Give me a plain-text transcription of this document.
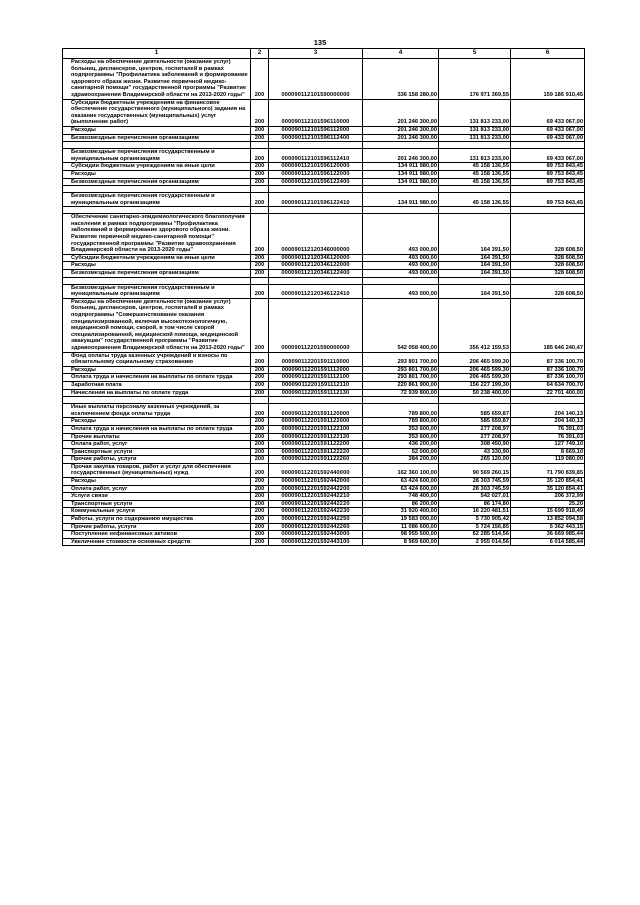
135
1	2	3	4	5	6
Расходы на обеспечение деятельности (оказание услуг) больниц, диспансеров, центров, госпиталей в рамках подпрограммы "Профилактика заболеваний и формирование здорового образа жизни. Развитие первичной медико-санитарной помощи" государственной программы "Развитие здравоохранения Владимирской области на 2013-2020 годы"	200	000090112101590000000	336 158 280,00	176 971 369,55	159 186 910,45
Субсидии бюджетным учреждениям на финансовое обеспечение государственного (муниципального) задания на оказание государственных (муниципальных) услуг (выполнение работ)	200	000090112101596110000	201 246 300,00	131 813 233,00	69 433 067,00
Расходы	200	000090112101596112000	201 246 300,00	131 813 233,00	69 433 067,00
Безвозмездные перечисления организациям	200	000090112101596112400	201 246 300,00	131 813 233,00	69 433 067,00

Безвозмездные перечисления государственным и муниципальным организациям	200	000090112101596112410	201 246 300,00	131 813 233,00	69 433 067,00
Субсидии бюджетным учреждениям на иные цели	200	000090112101596120000	134 911 980,00	45 158 136,55	89 753 843,45
Расходы	200	000090112101596122000	134 911 980,00	45 158 136,55	89 753 843,45
Безвозмездные перечисления организациям	200	000090112101596122400	134 911 980,00	45 158 136,55	89 753 843,45

Безвозмездные перечисления государственным и муниципальным организациям	200	000090112101596122410	134 911 980,00	45 158 136,55	89 753 843,45

Обеспечение санитарно-эпидемиологического благополучия населения в рамках подпрограммы "Профилактика заболеваний и формирование здорового образа жизни. Развитие первичной медико-санитарной помощи" государственной программы "Развитие здравоохранения Владимирской области на 2013-2020 годы"	200	000090112120346000000	493 000,00	164 391,50	328 608,50
Субсидии бюджетным учреждениям на иные цели	200	000090112120346120000	493 000,00	164 391,50	328 608,50
Расходы	200	000090112120346122000	493 000,00	164 391,50	328 608,50
Безвозмездные перечисления организациям	200	000090112120346122400	493 000,00	164 391,50	328 608,50

Безвозмездные перечисления государственным и муниципальным организациям	200	000090112120346122410	493 000,00	164 391,50	328 608,50
Расходы на обеспечение деятельности (оказание услуг) больниц, диспансеров, центров, госпиталей в рамках подпрограммы "Совершенствование оказания специализированной, включая высокотехнологичную, медицинской помощи, скорой, в том числе скорой специализированной, медицинской помощи, медицинской эвакуации" государственной программы "Развитие здравоохранения Владимирской области на 2013-2020 годы"	200	000090112201590000000	542 058 400,00	356 412 159,53	185 646 240,47
Фонд оплаты труда казенных учреждений и взносы по обязательному социальному страхованию	200	000090112201591110000	293 801 700,00	206 465 599,30	87 336 100,70
Расходы	200	000090112201591112000	293 801 700,00	206 465 599,30	87 336 100,70
Оплата труда и начисления на выплаты по оплате труда	200	000090112201591112100	293 801 700,00	206 465 599,30	87 336 100,70
Заработная плата	200	000090112201591112110	220 861 900,00	156 227 199,30	64 634 700,70
Начисления на выплаты по оплате труда	200	000090112201591112130	72 939 800,00	50 238 400,00	22 701 400,00

Иные выплаты персоналу казенных учреждений, за исключением фонда оплаты труда	200	000090112201591120000	789 800,00	585 659,87	204 140,13
Расходы	200	000090112201591122000	789 800,00	585 659,87	204 140,13
Оплата труда и начисления на выплаты по оплате труда	200	000090112201591122100	353 600,00	277 208,97	76 391,03
Прочие выплаты	200	000090112201591122120	353 600,00	277 208,97	76 391,03
Оплата работ, услуг	200	000090112201591122200	436 200,00	308 450,90	127 749,10
Транспортные услуги	200	000090112201591122220	52 000,00	43 330,90	8 669,10
Прочие работы, услуги	200	000090112201591122260	384 200,00	265 120,00	119 080,00
Прочая закупка товаров, работ и услуг для обеспечения государственных (муниципальных) нужд	200	000090112201592440000	162 360 100,00	90 569 260,15	71 790 839,85
Расходы	200	000090112201592442000	63 424 600,00	28 303 745,59	35 120 854,41
Оплата работ, услуг	200	000090112201592442200	63 424 600,00	28 303 745,59	35 120 854,41
Услуги связи	200	000090112201592442210	748 400,00	542 027,01	206 372,99
Транспортные услуги	200	000090112201592442220	86 200,00	86 174,80	25,20
Коммунальные услуги	200	000090112201592442230	31 920 400,00	16 220 481,51	15 699 918,49
Работы, услуги по содержанию имущества	200	000090112201592442250	19 583 000,00	5 730 905,42	13 852 094,58
Прочие работы, услуги	200	000090112201592442260	11 086 600,00	5 724 156,85	5 362 443,15
Поступление нефинансовых активов	200	000090112201592443000	98 955 500,00	62 285 514,56	36 669 985,44
Увеличение стоимости основных средств	200	000090112201592443100	8 969 600,00	2 955 014,56	6 014 585,44
